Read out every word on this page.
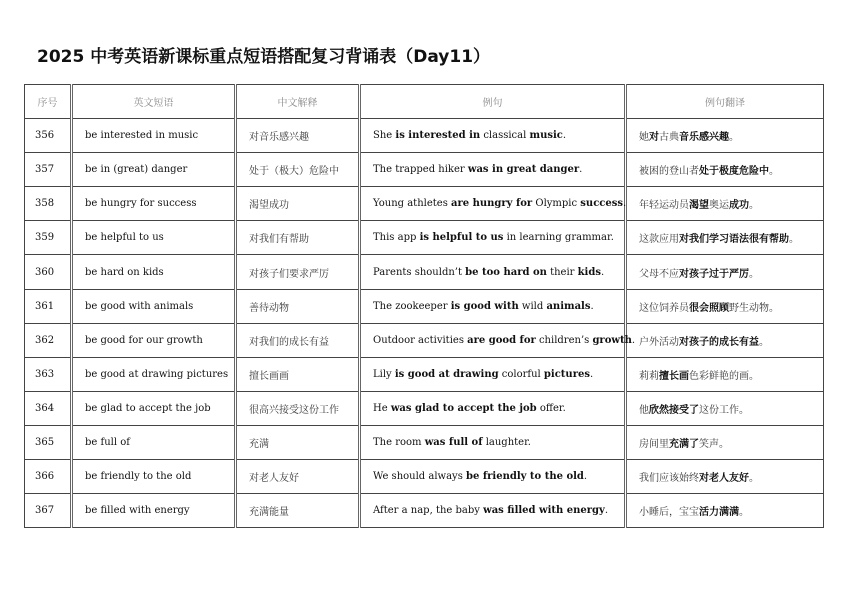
2025 中考英语新课标重点短语搭配复习背诵表（Day11）
序号	英文短语	中文解释	例句	例句翻译
356	be interested in music	对音乐感兴趣	She is interested in classical music.	她对古典音乐感兴趣。
357	be in (great) danger	处于（极大）危险中	The trapped hiker was in great danger.	被困的登山者处于极度危险中。
358	be hungry for success	渴望成功	Young athletes are hungry for Olympic success.	年轻运动员渴望奥运成功。
359	be helpful to us	对我们有帮助	This app is helpful to us in learning grammar.	这款应用对我们学习语法很有帮助。
360	be hard on kids	对孩子们要求严厉	Parents shouldn’t be too hard on their kids.	父母不应对孩子过于严厉。
361	be good with animals	善待动物	The zookeeper is good with wild animals.	这位饲养员很会照顾野生动物。
362	be good for our growth	对我们的成长有益	Outdoor activities are good for children’s growth.	户外活动对孩子的成长有益。
363	be good at drawing pictures	擅长画画	Lily is good at drawing colorful pictures.	莉莉擅长画色彩鲜艳的画。
364	be glad to accept the job	很高兴接受这份工作	He was glad to accept the job offer.	他欣然接受了这份工作。
365	be full of	充满	The room was full of laughter.	房间里充满了笑声。
366	be friendly to the old	对老人友好	We should always be friendly to the old.	我们应该始终对老人友好。
367	be filled with energy	充满能量	After a nap, the baby was filled with energy.	小睡后，宝宝活力满满。
